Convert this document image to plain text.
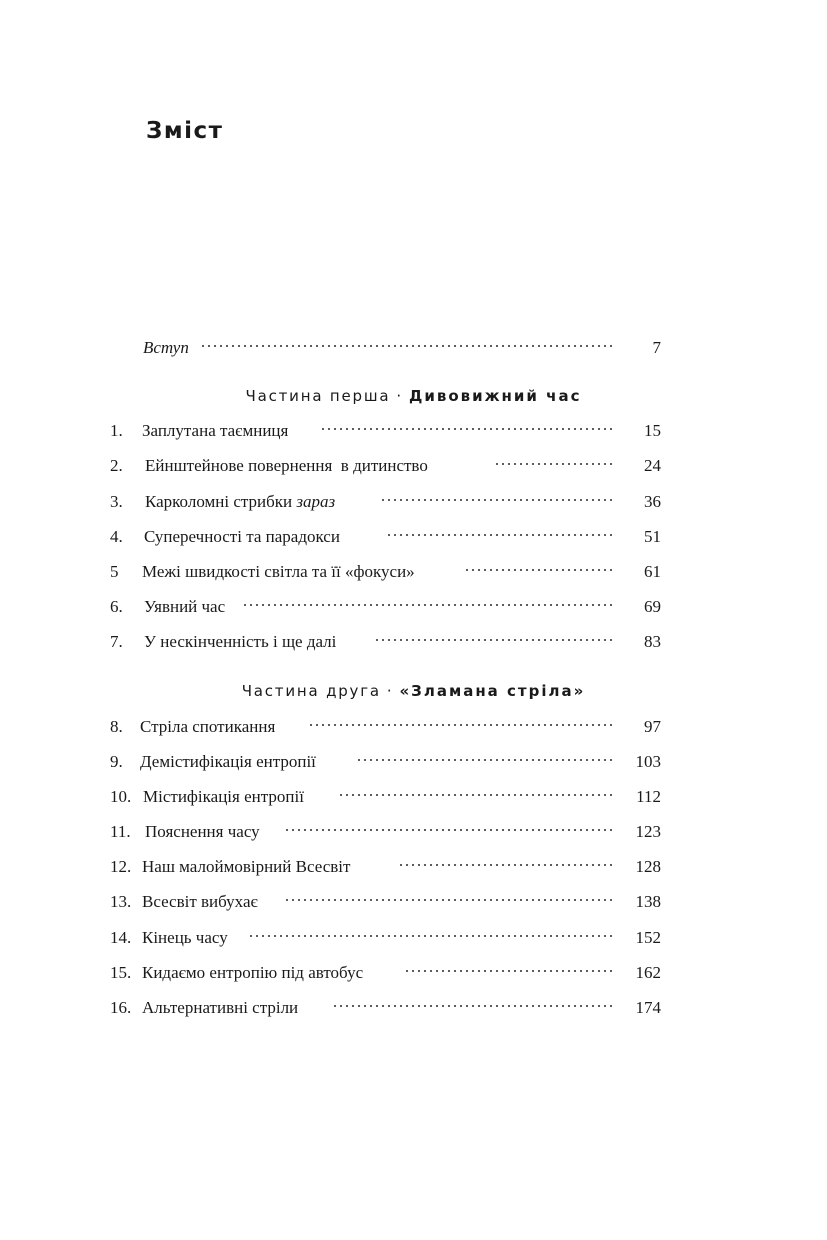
Зміст
Вступ	7
Частина перша · Дивовижний час
1. Заплутана таємниця	15
2. Ейнштейнове повернення  в дитинство	24
3. Карколомні стрибки зараз	36
4. Суперечності та парадокси	51
5 Межі швидкості світла та її «фокуси»	61
6. Уявний час	69
7. У нескінченність і ще далі	83
Частина друга · «Зламана стріла»
8. Стріла спотикання	97
9. Демістифікація ентропії	103
10. Містифікація ентропії	112
11. Пояснення часу	123
12. Наш малоймовірний Всесвіт	128
13. Всесвіт вибухає	138
14. Кінець часу	152
15. Кидаємо ентропію під автобус	162
16. Альтернативні стріли	174
